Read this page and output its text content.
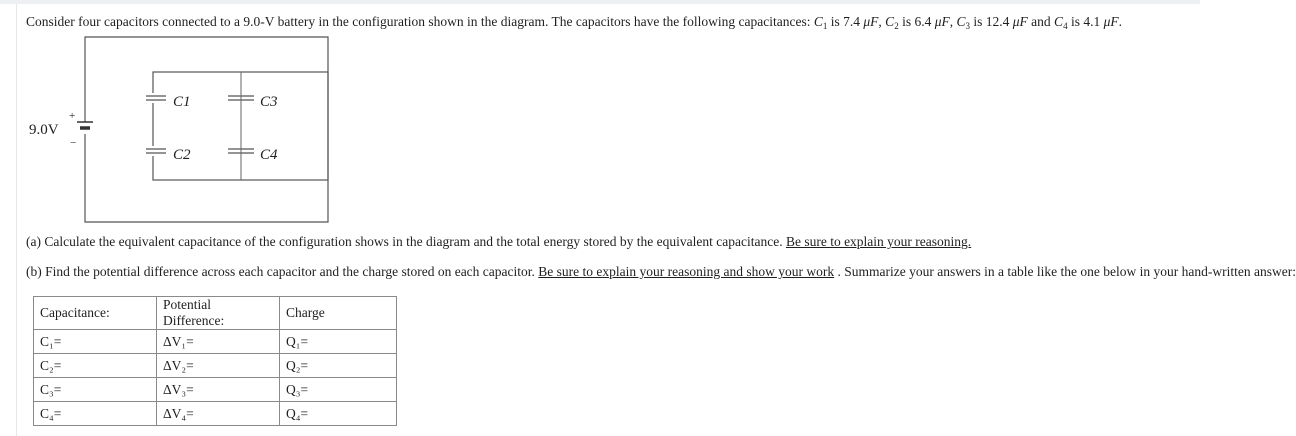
Consider four capacitors connected to a 9.0-V battery in the configuration shown in the diagram. The capacitors have the following capacitances: $C_1$ is 7.4 μF, $C_2$ is 6.4 μF, $C_3$ is 12.4 μF and $C_4$ is 4.1 μF.
9.0V
+
−
C1	C3
C2	C4
(a) Calculate the equivalent capacitance of the configuration shows in the diagram and the total energy stored by the equivalent capacitance. Be sure to explain your reasoning.
(b) Find the potential difference across each capacitor and the charge stored on each capacitor. Be sure to explain your reasoning and show your work . Summarize your answers in a table like the one below in your hand-written answer:
Capacitance:	Potential Difference:	Charge
C₁=	ΔV₁=	Q₁=
C₂=	ΔV₂=	Q₂=
C₃=	ΔV₃=	Q₃=
C₄=	ΔV₄=	Q₄=
